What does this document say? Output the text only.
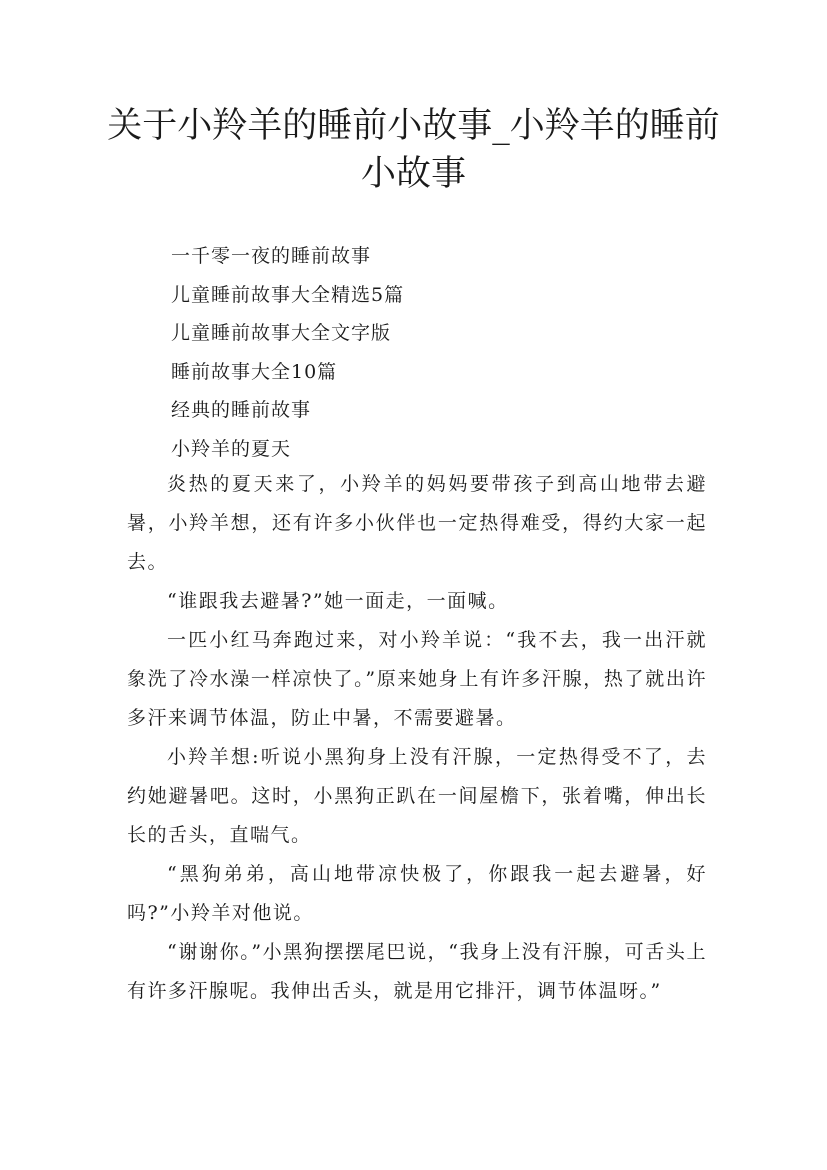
关于小羚羊的睡前小故事_小羚羊的睡前小故事
一千零一夜的睡前故事
儿童睡前故事大全精选5篇
儿童睡前故事大全文字版
睡前故事大全10篇
经典的睡前故事
小羚羊的夏天

炎热的夏天来了，小羚羊的妈妈要带孩子到高山地带去避暑，小羚羊想，还有许多小伙伴也一定热得难受，得约大家一起去。

“谁跟我去避暑?”她一面走，一面喊。

一匹小红马奔跑过来，对小羚羊说：“我不去，我一出汗就象洗了冷水澡一样凉快了。”原来她身上有许多汗腺，热了就出许多汗来调节体温，防止中暑，不需要避暑。

小羚羊想:听说小黑狗身上没有汗腺，一定热得受不了，去约她避暑吧。这时，小黑狗正趴在一间屋檐下，张着嘴，伸出长长的舌头，直喘气。

“黑狗弟弟，高山地带凉快极了，你跟我一起去避暑，好吗?”小羚羊对他说。

“谢谢你。”小黑狗摆摆尾巴说，“我身上没有汗腺，可舌头上有许多汗腺呢。我伸出舌头，就是用它排汗，调节体温呀。”
